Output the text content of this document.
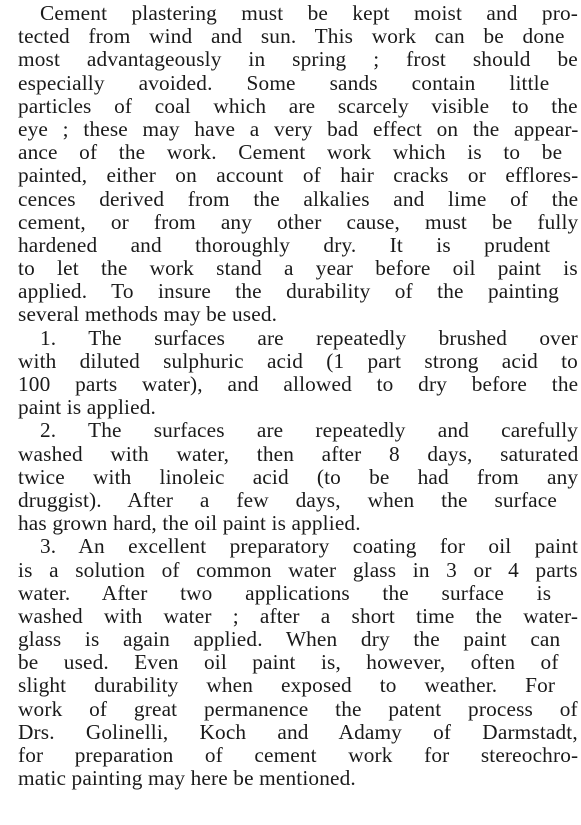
Cement plastering must be kept moist and pro-
tected from wind and sun. This work can be done
most advantageously in spring ; frost should be
especially avoided. Some sands contain little
particles of coal which are scarcely visible to the
eye ; these may have a very bad effect on the appear-
ance of the work. Cement work which is to be
painted, either on account of hair cracks or efflores-
cences derived from the alkalies and lime of the
cement, or from any other cause, must be fully
hardened and thoroughly dry. It is prudent
to let the work stand a year before oil paint is
applied. To insure the durability of the painting
several methods may be used.
1. The surfaces are repeatedly brushed over
with diluted sulphuric acid (1 part strong acid to
100 parts water), and allowed to dry before the
paint is applied.
2. The surfaces are repeatedly and carefully
washed with water, then after 8 days, saturated
twice with linoleic acid (to be had from any
druggist). After a few days, when the surface
has grown hard, the oil paint is applied.
3. An excellent preparatory coating for oil paint
is a solution of common water glass in 3 or 4 parts
water. After two applications the surface is
washed with water ; after a short time the water-
glass is again applied. When dry the paint can
be used. Even oil paint is, however, often of
slight durability when exposed to weather. For
work of great permanence the patent process of
Drs. Golinelli, Koch and Adamy of Darmstadt,
for preparation of cement work for stereochro-
matic painting may here be mentioned.
